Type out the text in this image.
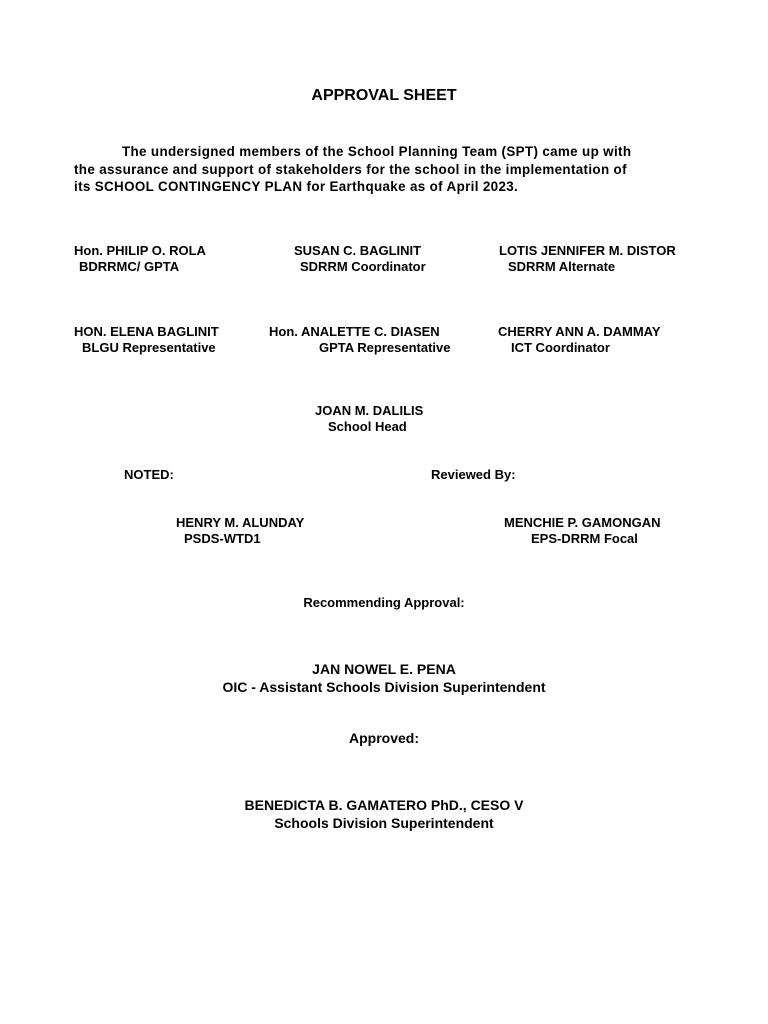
APPROVAL SHEET
The undersigned members of the School Planning Team (SPT) came up with
the assurance and support of stakeholders for the school in the implementation of
its SCHOOL CONTINGENCY PLAN for Earthquake as of April 2023.
Hon. PHILIP O. ROLA
BDRRMC/ GPTA
SUSAN C. BAGLINIT
SDRRM Coordinator
LOTIS JENNIFER M. DISTOR
SDRRM Alternate
HON. ELENA BAGLINIT
BLGU Representative
Hon. ANALETTE C. DIASEN
GPTA Representative
CHERRY ANN A. DAMMAY
ICT Coordinator
JOAN M. DALILIS
School Head
NOTED:	Reviewed By:
HENRY M. ALUNDAY
PSDS-WTD1
MENCHIE P. GAMONGAN
EPS-DRRM Focal
Recommending Approval:
JAN NOWEL E. PENA
OIC - Assistant Schools Division Superintendent
Approved:
BENEDICTA B. GAMATERO PhD., CESO V
Schools Division Superintendent
